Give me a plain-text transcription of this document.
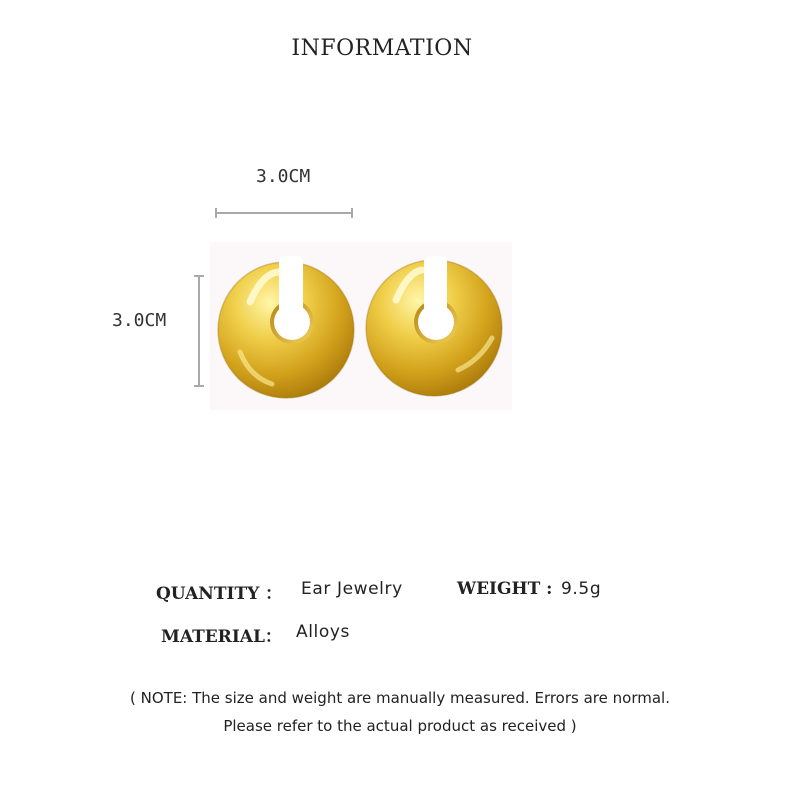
INFORMATION
3.0CM
3.0CM
QUANTITY ： Ear Jewelry	WEIGHT : 9.5g
MATERIAL： Alloys
( NOTE: The size and weight are manually measured. Errors are normal.
Please refer to the actual product as received )
